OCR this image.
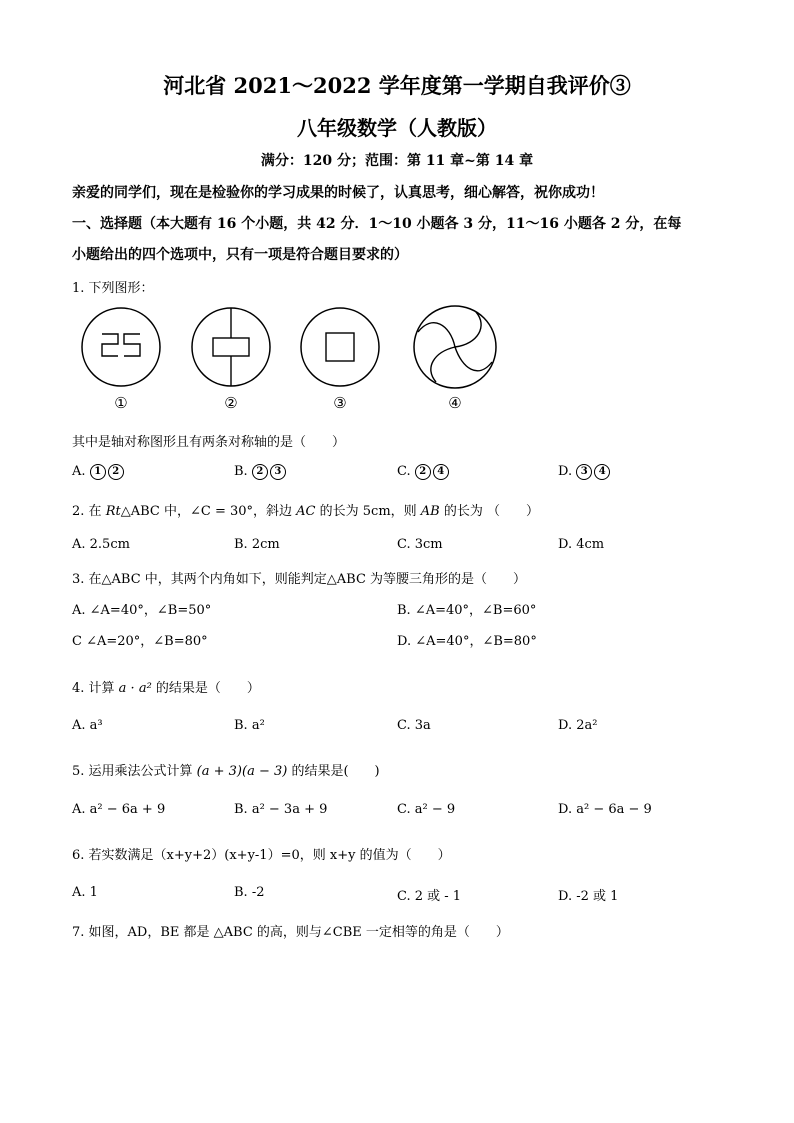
河北省 2021～2022 学年度第一学期自我评价③
八年级数学（人教版）
满分：120 分；范围：第 11 章~第 14 章
亲爱的同学们，现在是检验你的学习成果的时候了，认真思考，细心解答，祝你成功！
一、选择题（本大题有 16 个小题，共 42 分．1～10 小题各 3 分，11～16 小题各 2 分，在每
小题给出的四个选项中，只有一项是符合题目要求的）
1. 下列图形：
①	②	③	④
其中是轴对称图形且有两条对称轴的是（　　）
A. 1 2	B. 2 3	C. 2 4	D. 3 4
2. 在 Rt△ABC 中，∠C = 30°，斜边 AC 的长为 5cm，则 AB 的长为 （　　）
A. 2.5cm	B. 2cm	C. 3cm	D. 4cm
3. 在△ABC 中，其两个内角如下，则能判定△ABC 为等腰三角形的是（　　）
A. ∠A=40°，∠B=50°	B. ∠A=40°，∠B=60°
C ∠A=20°，∠B=80°	D. ∠A=40°，∠B=80°
4. 计算 a · a² 的结果是（　　）
A. a³	B. a²	C. 3a	D. 2a²
5. 运用乘法公式计算 (a + 3)(a − 3) 的结果是(　　)
A. a² − 6a + 9	B. a² − 3a + 9	C. a² − 9	D. a² − 6a − 9
6. 若实数满足（x+y+2）(x+y-1）=0，则 x+y 的值为（　　）
A. 1	B. -2	C. 2 或 - 1	D. -2 或 1
7. 如图，AD，BE 都是 △ABC 的高，则与∠CBE 一定相等的角是（　　）
